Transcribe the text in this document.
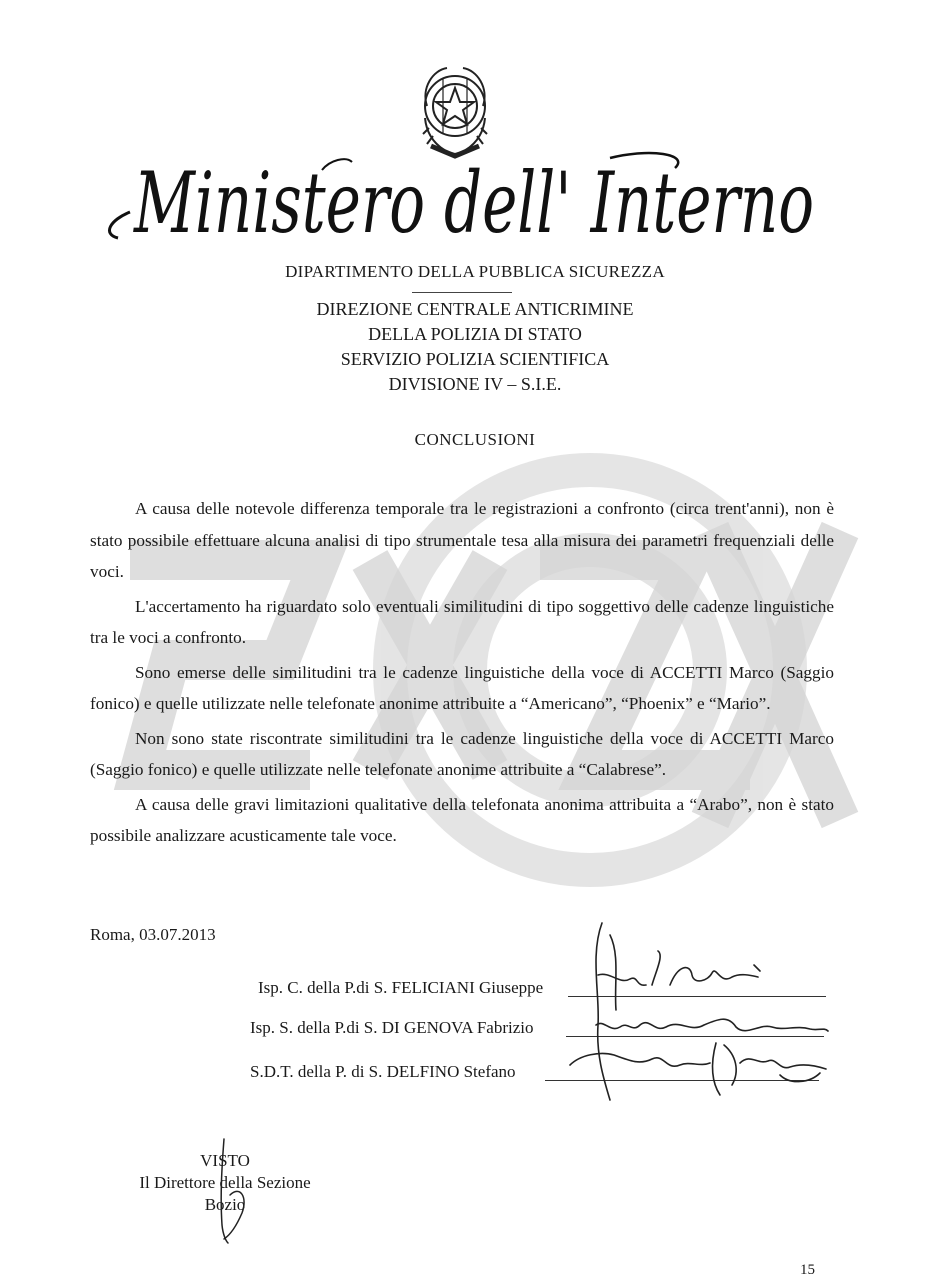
Ministero dell' Interno
DIPARTIMENTO DELLA PUBBLICA SICUREZZA
DIREZIONE CENTRALE ANTICRIMINE
DELLA POLIZIA DI STATO
SERVIZIO POLIZIA SCIENTIFICA
DIVISIONE IV – S.I.E.
CONCLUSIONI

A causa delle notevole differenza temporale tra le registrazioni a confronto (circa trent'anni), non è stato possibile effettuare alcuna analisi di tipo strumentale tesa alla misura dei parametri frequenziali delle voci.

L'accertamento ha riguardato solo eventuali similitudini di tipo soggettivo delle cadenze linguistiche tra le voci a confronto.

Sono emerse delle similitudini tra le cadenze linguistiche della voce di ACCETTI Marco (Saggio fonico) e quelle utilizzate nelle telefonate anonime attribuite a “Americano”, “Phoenix” e “Mario”.

Non sono state riscontrate similitudini tra le cadenze linguistiche della voce di ACCETTI Marco (Saggio fonico) e quelle utilizzate nelle telefonate anonime attribuite a “Calabrese”.

A causa delle gravi limitazioni qualitative della telefonata anonima attribuita a “Arabo”, non è stato possibile analizzare acusticamente tale voce.

Roma, 03.07.2013
Isp. C. della P.di S. FELICIANI Giuseppe
Isp. S. della P.di S. DI GENOVA Fabrizio
S.D.T. della P. di S. DELFINO Stefano
VISTO
Il Direttore della Sezione
Bozio
15
